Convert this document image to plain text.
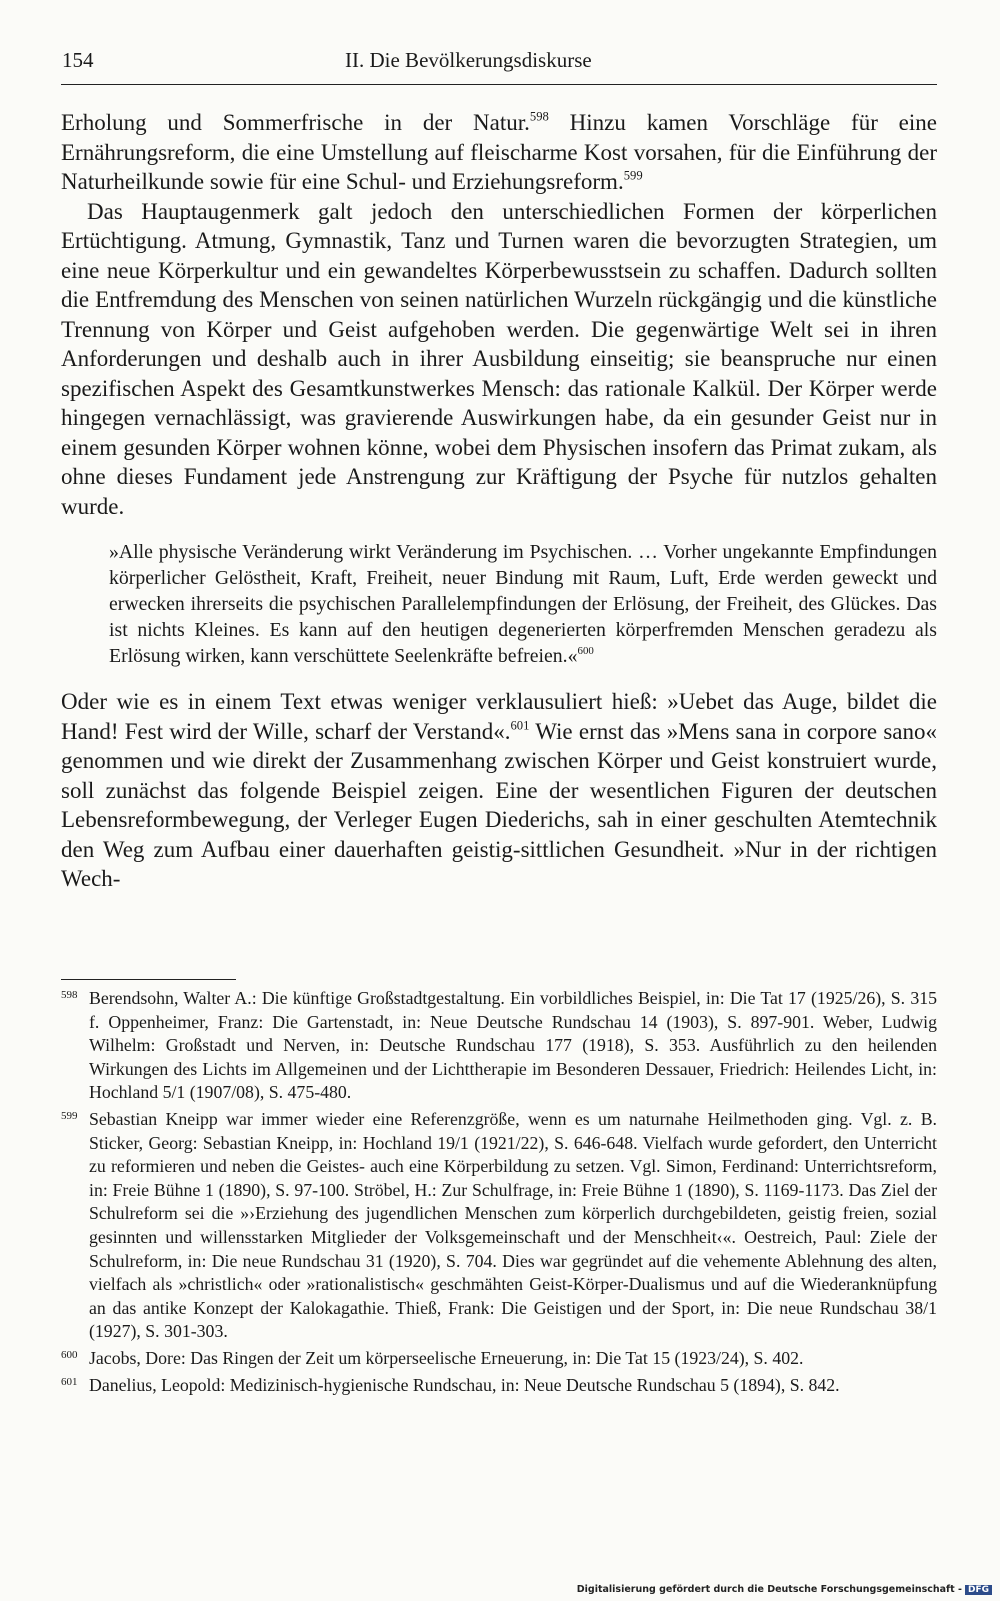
154	II. Die Bevölkerungsdiskurse

Erholung und Sommerfrische in der Natur.$^{598}$ Hinzu kamen Vorschläge für eine Ernährungsreform, die eine Umstellung auf fleischarme Kost vorsahen, für die Einführung der Naturheilkunde sowie für eine Schul- und Erziehungsreform.$^{599}$

Das Hauptaugenmerk galt jedoch den unterschiedlichen Formen der körperlichen Ertüchtigung. Atmung, Gymnastik, Tanz und Turnen waren die bevorzugten Strategien, um eine neue Körperkultur und ein gewandeltes Körperbewusstsein zu schaffen. Dadurch sollten die Entfremdung des Menschen von seinen natürlichen Wurzeln rückgängig und die künstliche Trennung von Körper und Geist aufgehoben werden. Die gegenwärtige Welt sei in ihren Anforderungen und deshalb auch in ihrer Ausbildung einseitig; sie beanspruche nur einen spezifischen Aspekt des Gesamtkunstwerkes Mensch: das rationale Kalkül. Der Körper werde hingegen vernachlässigt, was gravierende Auswirkungen habe, da ein gesunder Geist nur in einem gesunden Körper wohnen könne, wobei dem Physischen insofern das Primat zukam, als ohne dieses Fundament jede Anstrengung zur Kräftigung der Psyche für nutzlos gehalten wurde.

»Alle physische Veränderung wirkt Veränderung im Psychischen. … Vorher ungekannte Empfindungen körperlicher Gelöstheit, Kraft, Freiheit, neuer Bindung mit Raum, Luft, Erde werden geweckt und erwecken ihrerseits die psychischen Parallelempfindungen der Erlösung, der Freiheit, des Glückes. Das ist nichts Kleines. Es kann auf den heutigen degenerierten körperfremden Menschen geradezu als Erlösung wirken, kann verschüttete Seelenkräfte befreien.«$^{600}$

Oder wie es in einem Text etwas weniger verklausuliert hieß: »Uebet das Auge, bildet die Hand! Fest wird der Wille, scharf der Verstand«.$^{601}$ Wie ernst das »Mens sana in corpore sano« genommen und wie direkt der Zusammenhang zwischen Körper und Geist konstruiert wurde, soll zunächst das folgende Beispiel zeigen. Eine der wesentlichen Figuren der deutschen Lebensreformbewegung, der Verleger Eugen Diederichs, sah in einer geschulten Atemtechnik den Weg zum Aufbau einer dauerhaften geistig-sittlichen Gesundheit. »Nur in der richtigen Wech-

598 Berendsohn, Walter A.: Die künftige Großstadtgestaltung. Ein vorbildliches Beispiel, in: Die Tat 17 (1925/26), S. 315 f. Oppenheimer, Franz: Die Gartenstadt, in: Neue Deutsche Rundschau 14 (1903), S. 897-901. Weber, Ludwig Wilhelm: Großstadt und Nerven, in: Deutsche Rundschau 177 (1918), S. 353. Ausführlich zu den heilenden Wirkungen des Lichts im Allgemeinen und der Lichttherapie im Besonderen Dessauer, Friedrich: Heilendes Licht, in: Hochland 5/1 (1907/08), S. 475-480.
599 Sebastian Kneipp war immer wieder eine Referenzgröße, wenn es um naturnahe Heilmethoden ging. Vgl. z. B. Sticker, Georg: Sebastian Kneipp, in: Hochland 19/1 (1921/22), S. 646-648. Vielfach wurde gefordert, den Unterricht zu reformieren und neben die Geistes- auch eine Körperbildung zu setzen. Vgl. Simon, Ferdinand: Unterrichtsreform, in: Freie Bühne 1 (1890), S. 97-100. Ströbel, H.: Zur Schulfrage, in: Freie Bühne 1 (1890), S. 1169-1173. Das Ziel der Schulreform sei die »›Erziehung des jugendlichen Menschen zum körperlich durchgebildeten, geistig freien, sozial gesinnten und willensstarken Mitglieder der Volksgemeinschaft und der Menschheit‹«. Oestreich, Paul: Ziele der Schulreform, in: Die neue Rundschau 31 (1920), S. 704. Dies war gegründet auf die vehemente Ablehnung des alten, vielfach als »christlich« oder »rationalistisch« geschmähten Geist-Körper-Dualismus und auf die Wiederanknüpfung an das antike Konzept der Kalokagathie. Thieß, Frank: Die Geistigen und der Sport, in: Die neue Rundschau 38/1 (1927), S. 301-303.
600 Jacobs, Dore: Das Ringen der Zeit um körperseelische Erneuerung, in: Die Tat 15 (1923/24), S. 402.
601 Danelius, Leopold: Medizinisch-hygienische Rundschau, in: Neue Deutsche Rundschau 5 (1894), S. 842.
Digitalisierung gefördert durch die Deutsche Forschungsgemeinschaft - DFG
